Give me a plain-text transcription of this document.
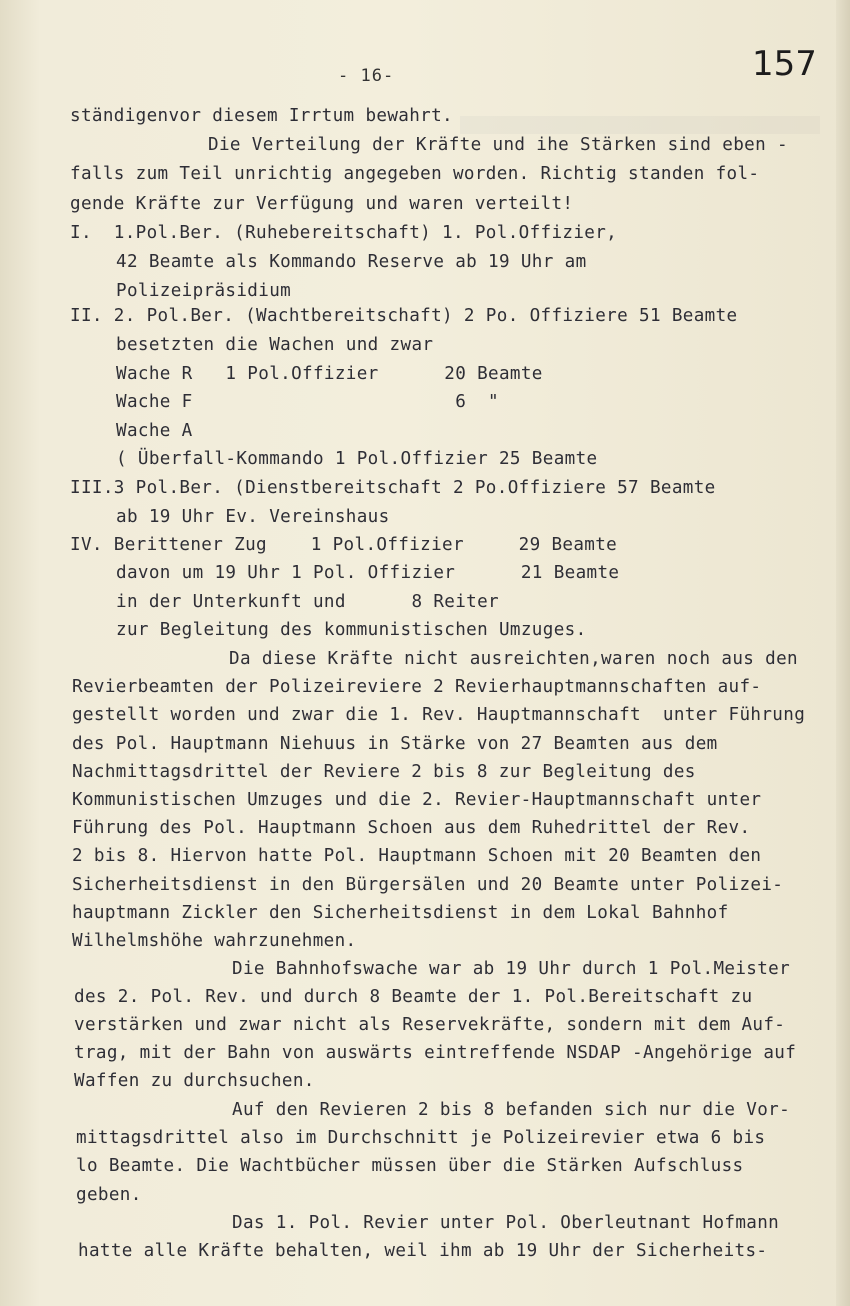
- 16-	157
ständigenvor diesem Irrtum bewahrt.
Die Verteilung der Kräfte und ihe Stärken sind eben -
falls zum Teil unrichtig angegeben worden. Richtig standen fol-
gende Kräfte zur Verfügung und waren verteilt!
I.  1.Pol.Ber. (Ruhebereitschaft) 1. Pol.Offizier,
42 Beamte als Kommando Reserve ab 19 Uhr am
Polizeipräsidium
II. 2. Pol.Ber. (Wachtbereitschaft) 2 Po. Offiziere 51 Beamte
besetzten die Wachen und zwar
Wache R   1 Pol.Offizier      20 Beamte
Wache F                        6  "
Wache A
( Überfall-Kommando 1 Pol.Offizier 25 Beamte
III.3 Pol.Ber. (Dienstbereitschaft 2 Po.Offiziere 57 Beamte
ab 19 Uhr Ev. Vereinshaus
IV. Berittener Zug    1 Pol.Offizier     29 Beamte
davon um 19 Uhr 1 Pol. Offizier      21 Beamte
in der Unterkunft und      8 Reiter
zur Begleitung des kommunistischen Umzuges.
Da diese Kräfte nicht ausreichten,waren noch aus den
Revierbeamten der Polizeireviere 2 Revierhauptmannschaften auf-
gestellt worden und zwar die 1. Rev. Hauptmannschaft  unter Führung
des Pol. Hauptmann Niehuus in Stärke von 27 Beamten aus dem
Nachmittagsdrittel der Reviere 2 bis 8 zur Begleitung des
Kommunistischen Umzuges und die 2. Revier-Hauptmannschaft unter
Führung des Pol. Hauptmann Schoen aus dem Ruhedrittel der Rev.
2 bis 8. Hiervon hatte Pol. Hauptmann Schoen mit 20 Beamten den
Sicherheitsdienst in den Bürgersälen und 20 Beamte unter Polizei-
hauptmann Zickler den Sicherheitsdienst in dem Lokal Bahnhof
Wilhelmshöhe wahrzunehmen.
Die Bahnhofswache war ab 19 Uhr durch 1 Pol.Meister
des 2. Pol. Rev. und durch 8 Beamte der 1. Pol.Bereitschaft zu
verstärken und zwar nicht als Reservekräfte, sondern mit dem Auf-
trag, mit der Bahn von auswärts eintreffende NSDAP -Angehörige auf
Waffen zu durchsuchen.
Auf den Revieren 2 bis 8 befanden sich nur die Vor-
mittagsdrittel also im Durchschnitt je Polizeirevier etwa 6 bis
lo Beamte. Die Wachtbücher müssen über die Stärken Aufschluss
geben.
Das 1. Pol. Revier unter Pol. Oberleutnant Hofmann
hatte alle Kräfte behalten, weil ihm ab 19 Uhr der Sicherheits-
